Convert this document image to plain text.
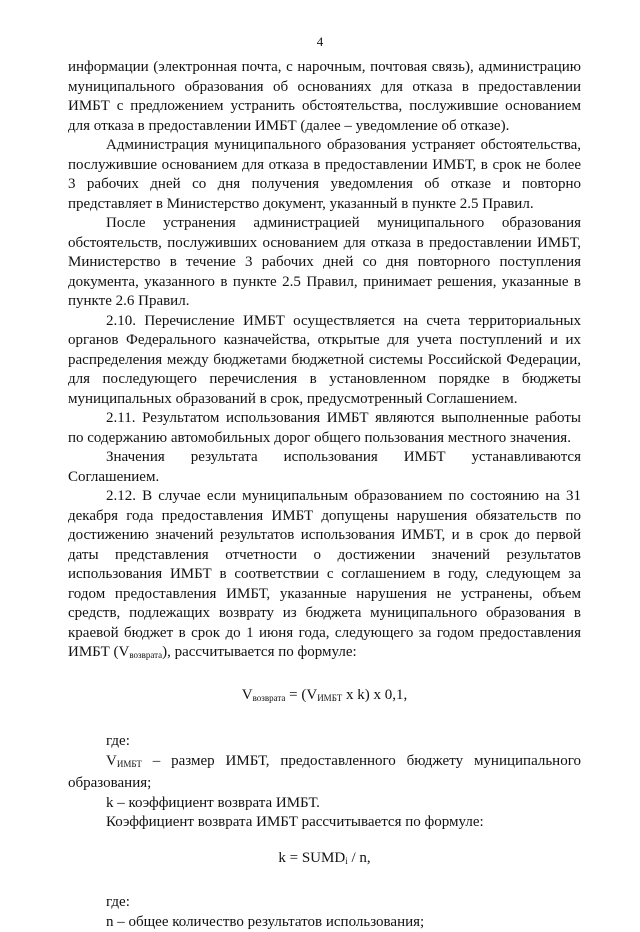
4

информации (электронная почта, с нарочным, почтовая связь), администрацию муниципального образования об основаниях для отказа в предоставлении ИМБТ с предложением устранить обстоятельства, послужившие основанием для отказа в предоставлении ИМБТ (далее – уведомление об отказе).

Администрация муниципального образования устраняет обстоятельства, послужившие основанием для отказа в предоставлении ИМБТ, в срок не более 3 рабочих дней со дня получения уведомления об отказе и повторно представляет в Министерство документ, указанный в пункте 2.5 Правил.

После устранения администрацией муниципального образования обстоятельств, послуживших основанием для отказа в предоставлении ИМБТ, Министерство в течение 3 рабочих дней со дня повторного поступления документа, указанного в пункте 2.5 Правил, принимает решения, указанные в пункте 2.6 Правил.

2.10. Перечисление ИМБТ осуществляется на счета территориальных органов Федерального казначейства, открытые для учета поступлений и их распределения между бюджетами бюджетной системы Российской Федерации, для последующего перечисления в установленном порядке в бюджеты муниципальных образований в срок, предусмотренный Соглашением.

2.11. Результатом использования ИМБТ являются выполненные работы по содержанию автомобильных дорог общего пользования местного значения.

Значения результата использования ИМБТ устанавливаются Соглашением.

2.12. В случае если муниципальным образованием по состоянию на 31 декабря года предоставления ИМБТ допущены нарушения обязательств по достижению значений результатов использования ИМБТ, и в срок до первой даты представления отчетности о достижении значений результатов использования ИМБТ в соответствии с соглашением в году, следующем за годом предоставления ИМБТ, указанные нарушения не устранены, объем средств, подлежащих возврату из бюджета муниципального образования в краевой бюджет в срок до 1 июня года, следующего за годом предоставления ИМБТ $(V_{возврата})$, рассчитывается по формуле:

$V_{возврата} = (V_{ИМБТ}$ x k) x 0,1,

где:

$V_{ИМБТ}$ – размер ИМБТ, предоставленного бюджету муниципального образования;

k – коэффициент возврата ИМБТ.

Коэффициент возврата ИМБТ рассчитывается по формуле:

$k = SUMD_i / n$,

где:

n – общее количество результатов использования;
